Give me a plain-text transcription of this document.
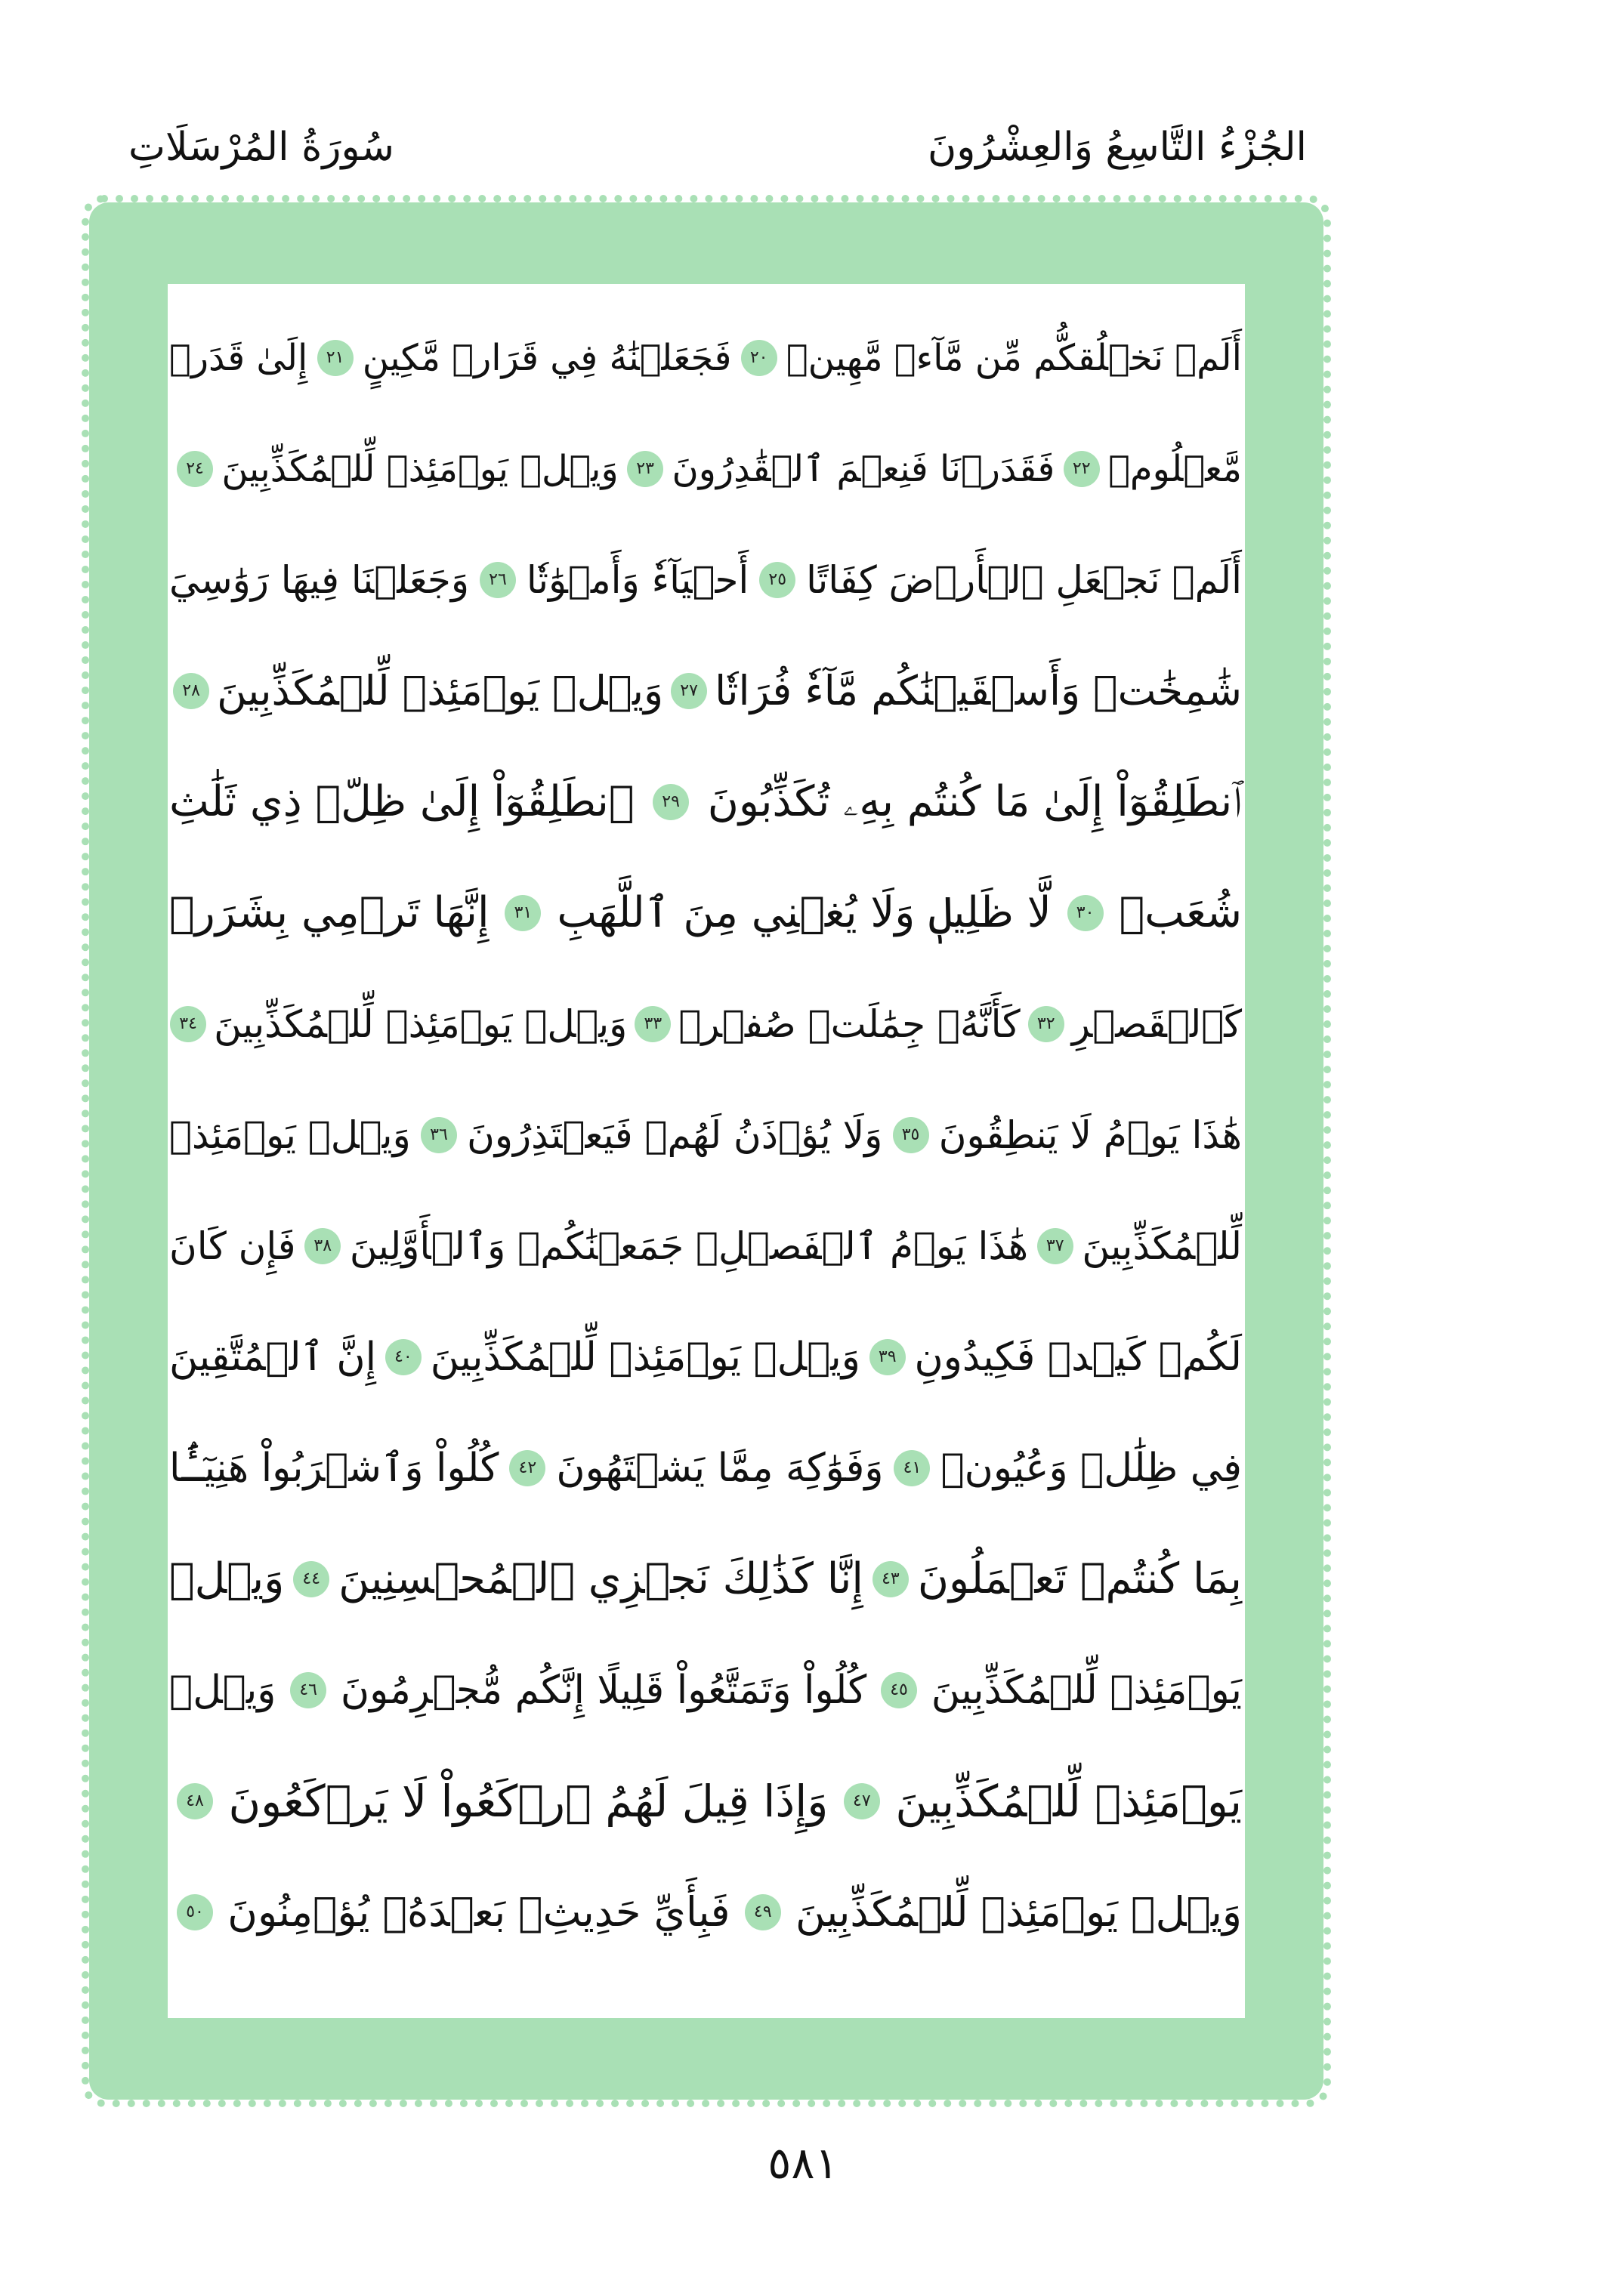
الجُزْءُ التَّاسِعُ وَالعِشْرُونَ
سُورَةُ المُرْسَلَاتِ
أَلَمۡ نَخۡلُقكُّم مِّن مَّآءٖ مَّهِينٖ
٢٠
فَجَعَلۡنَٰهُ فِي قَرَارٖ مَّكِينٍ
٢١
إِلَىٰ قَدَرٖ
مَّعۡلُومٖ
٢٢
فَقَدَرۡنَا فَنِعۡمَ ٱلۡقَٰدِرُونَ
٢٣
وَيۡلٞ يَوۡمَئِذٖ لِّلۡمُكَذِّبِينَ
٢٤
أَلَمۡ نَجۡعَلِ ٱلۡأَرۡضَ كِفَاتًا
٢٥
أَحۡيَآءٗ وَأَمۡوَٰتٗا
٢٦
وَجَعَلۡنَا فِيهَا رَوَٰسِيَ
شَٰمِخَٰتٖ وَأَسۡقَيۡنَٰكُم مَّآءٗ فُرَاتٗا
٢٧
وَيۡلٞ يَوۡمَئِذٖ لِّلۡمُكَذِّبِينَ
٢٨
ٱنطَلِقُوٓاْ إِلَىٰ مَا كُنتُم بِهِۦ تُكَذِّبُونَ
٢٩
ٱنطَلِقُوٓاْ إِلَىٰ ظِلّٖ ذِي ثَلَٰثِ
شُعَبٖ
٣٠
لَّا ظَلِيلٖ وَلَا يُغۡنِي مِنَ ٱللَّهَبِ
٣١
إِنَّهَا تَرۡمِي بِشَرَرٖ
كَٱلۡقَصۡرِ
٣٢
كَأَنَّهُۥ جِمَٰلَتٞ صُفۡرٞ
٣٣
وَيۡلٞ يَوۡمَئِذٖ لِّلۡمُكَذِّبِينَ
٣٤
هَٰذَا يَوۡمُ لَا يَنطِقُونَ
٣٥
وَلَا يُؤۡذَنُ لَهُمۡ فَيَعۡتَذِرُونَ
٣٦
وَيۡلٞ يَوۡمَئِذٖ
لِّلۡمُكَذِّبِينَ
٣٧
هَٰذَا يَوۡمُ ٱلۡفَصۡلِۖ جَمَعۡنَٰكُمۡ وَٱلۡأَوَّلِينَ
٣٨
فَإِن كَانَ
لَكُمۡ كَيۡدٞ فَكِيدُونِ
٣٩
وَيۡلٞ يَوۡمَئِذٖ لِّلۡمُكَذِّبِينَ
٤٠
إِنَّ ٱلۡمُتَّقِينَ
فِي ظِلَٰلٖ وَعُيُونٖ
٤١
وَفَوَٰكِهَ مِمَّا يَشۡتَهُونَ
٤٢
كُلُواْ وَٱشۡرَبُواْ هَنِيٓـَٔۢا
بِمَا كُنتُمۡ تَعۡمَلُونَ
٤٣
إِنَّا كَذَٰلِكَ نَجۡزِي ٱلۡمُحۡسِنِينَ
٤٤
وَيۡلٞ
يَوۡمَئِذٖ لِّلۡمُكَذِّبِينَ
٤٥
كُلُواْ وَتَمَتَّعُواْ قَلِيلًا إِنَّكُم مُّجۡرِمُونَ
٤٦
وَيۡلٞ
يَوۡمَئِذٖ لِّلۡمُكَذِّبِينَ
٤٧
وَإِذَا قِيلَ لَهُمُ ٱرۡكَعُواْ لَا يَرۡكَعُونَ
٤٨
وَيۡلٞ يَوۡمَئِذٖ لِّلۡمُكَذِّبِينَ
٤٩
فَبِأَيِّ حَدِيثِۭ بَعۡدَهُۥ يُؤۡمِنُونَ
٥٠
٥٨١
